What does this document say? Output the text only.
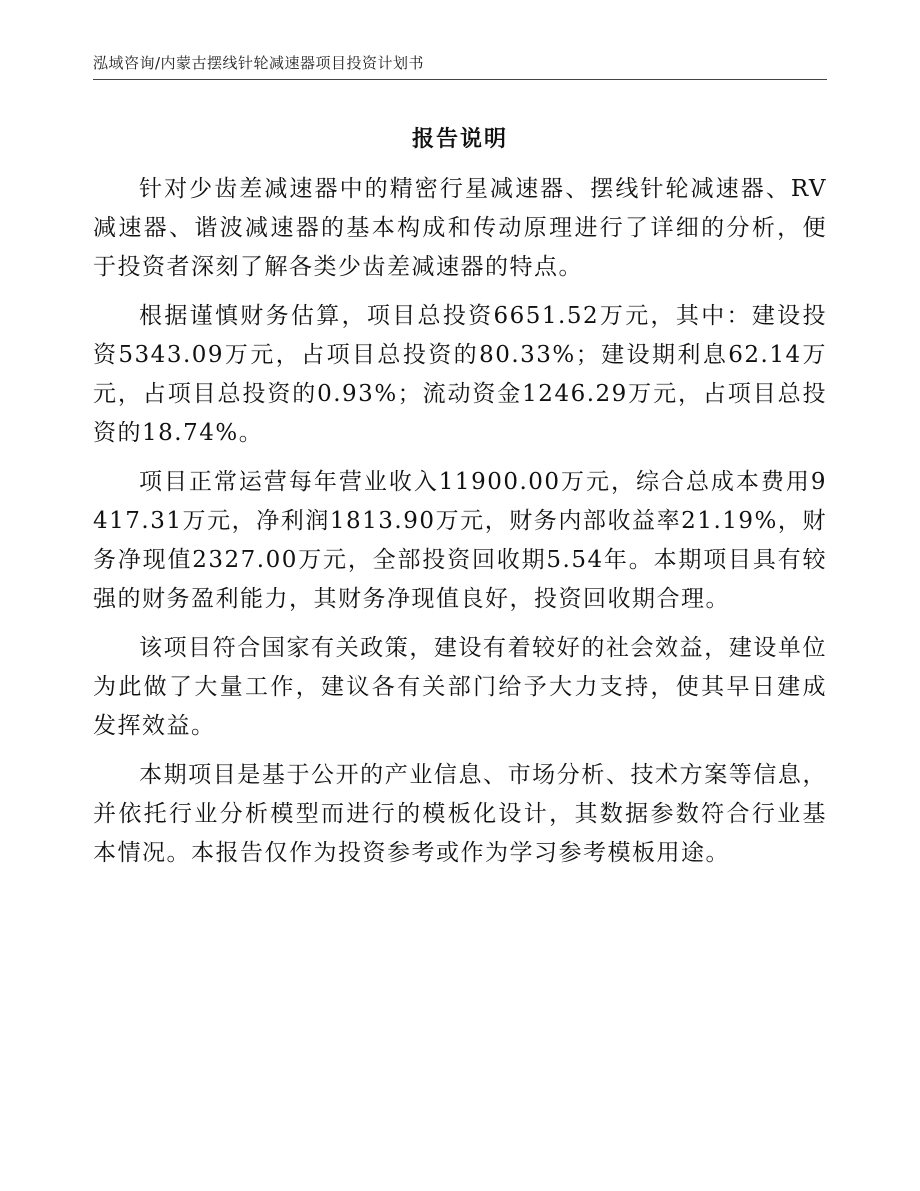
泓域咨询/内蒙古摆线针轮减速器项目投资计划书
报告说明

针对少齿差减速器中的精密行星减速器、摆线针轮减速器、RV减速器、谐波减速器的基本构成和传动原理进行了详细的分析，便于投资者深刻了解各类少齿差减速器的特点。

根据谨慎财务估算，项目总投资6651.52万元，其中：建设投资5343.09万元，占项目总投资的80.33%；建设期利息62.14万元，占项目总投资的0.93%；流动资金1246.29万元，占项目总投资的18.74%。

项目正常运营每年营业收入11900.00万元，综合总成本费用9417.31万元，净利润1813.90万元，财务内部收益率21.19%，财务净现值2327.00万元，全部投资回收期5.54年。本期项目具有较强的财务盈利能力，其财务净现值良好，投资回收期合理。

该项目符合国家有关政策，建设有着较好的社会效益，建设单位为此做了大量工作，建议各有关部门给予大力支持，使其早日建成发挥效益。

本期项目是基于公开的产业信息、市场分析、技术方案等信息，并依托行业分析模型而进行的模板化设计，其数据参数符合行业基本情况。本报告仅作为投资参考或作为学习参考模板用途。
